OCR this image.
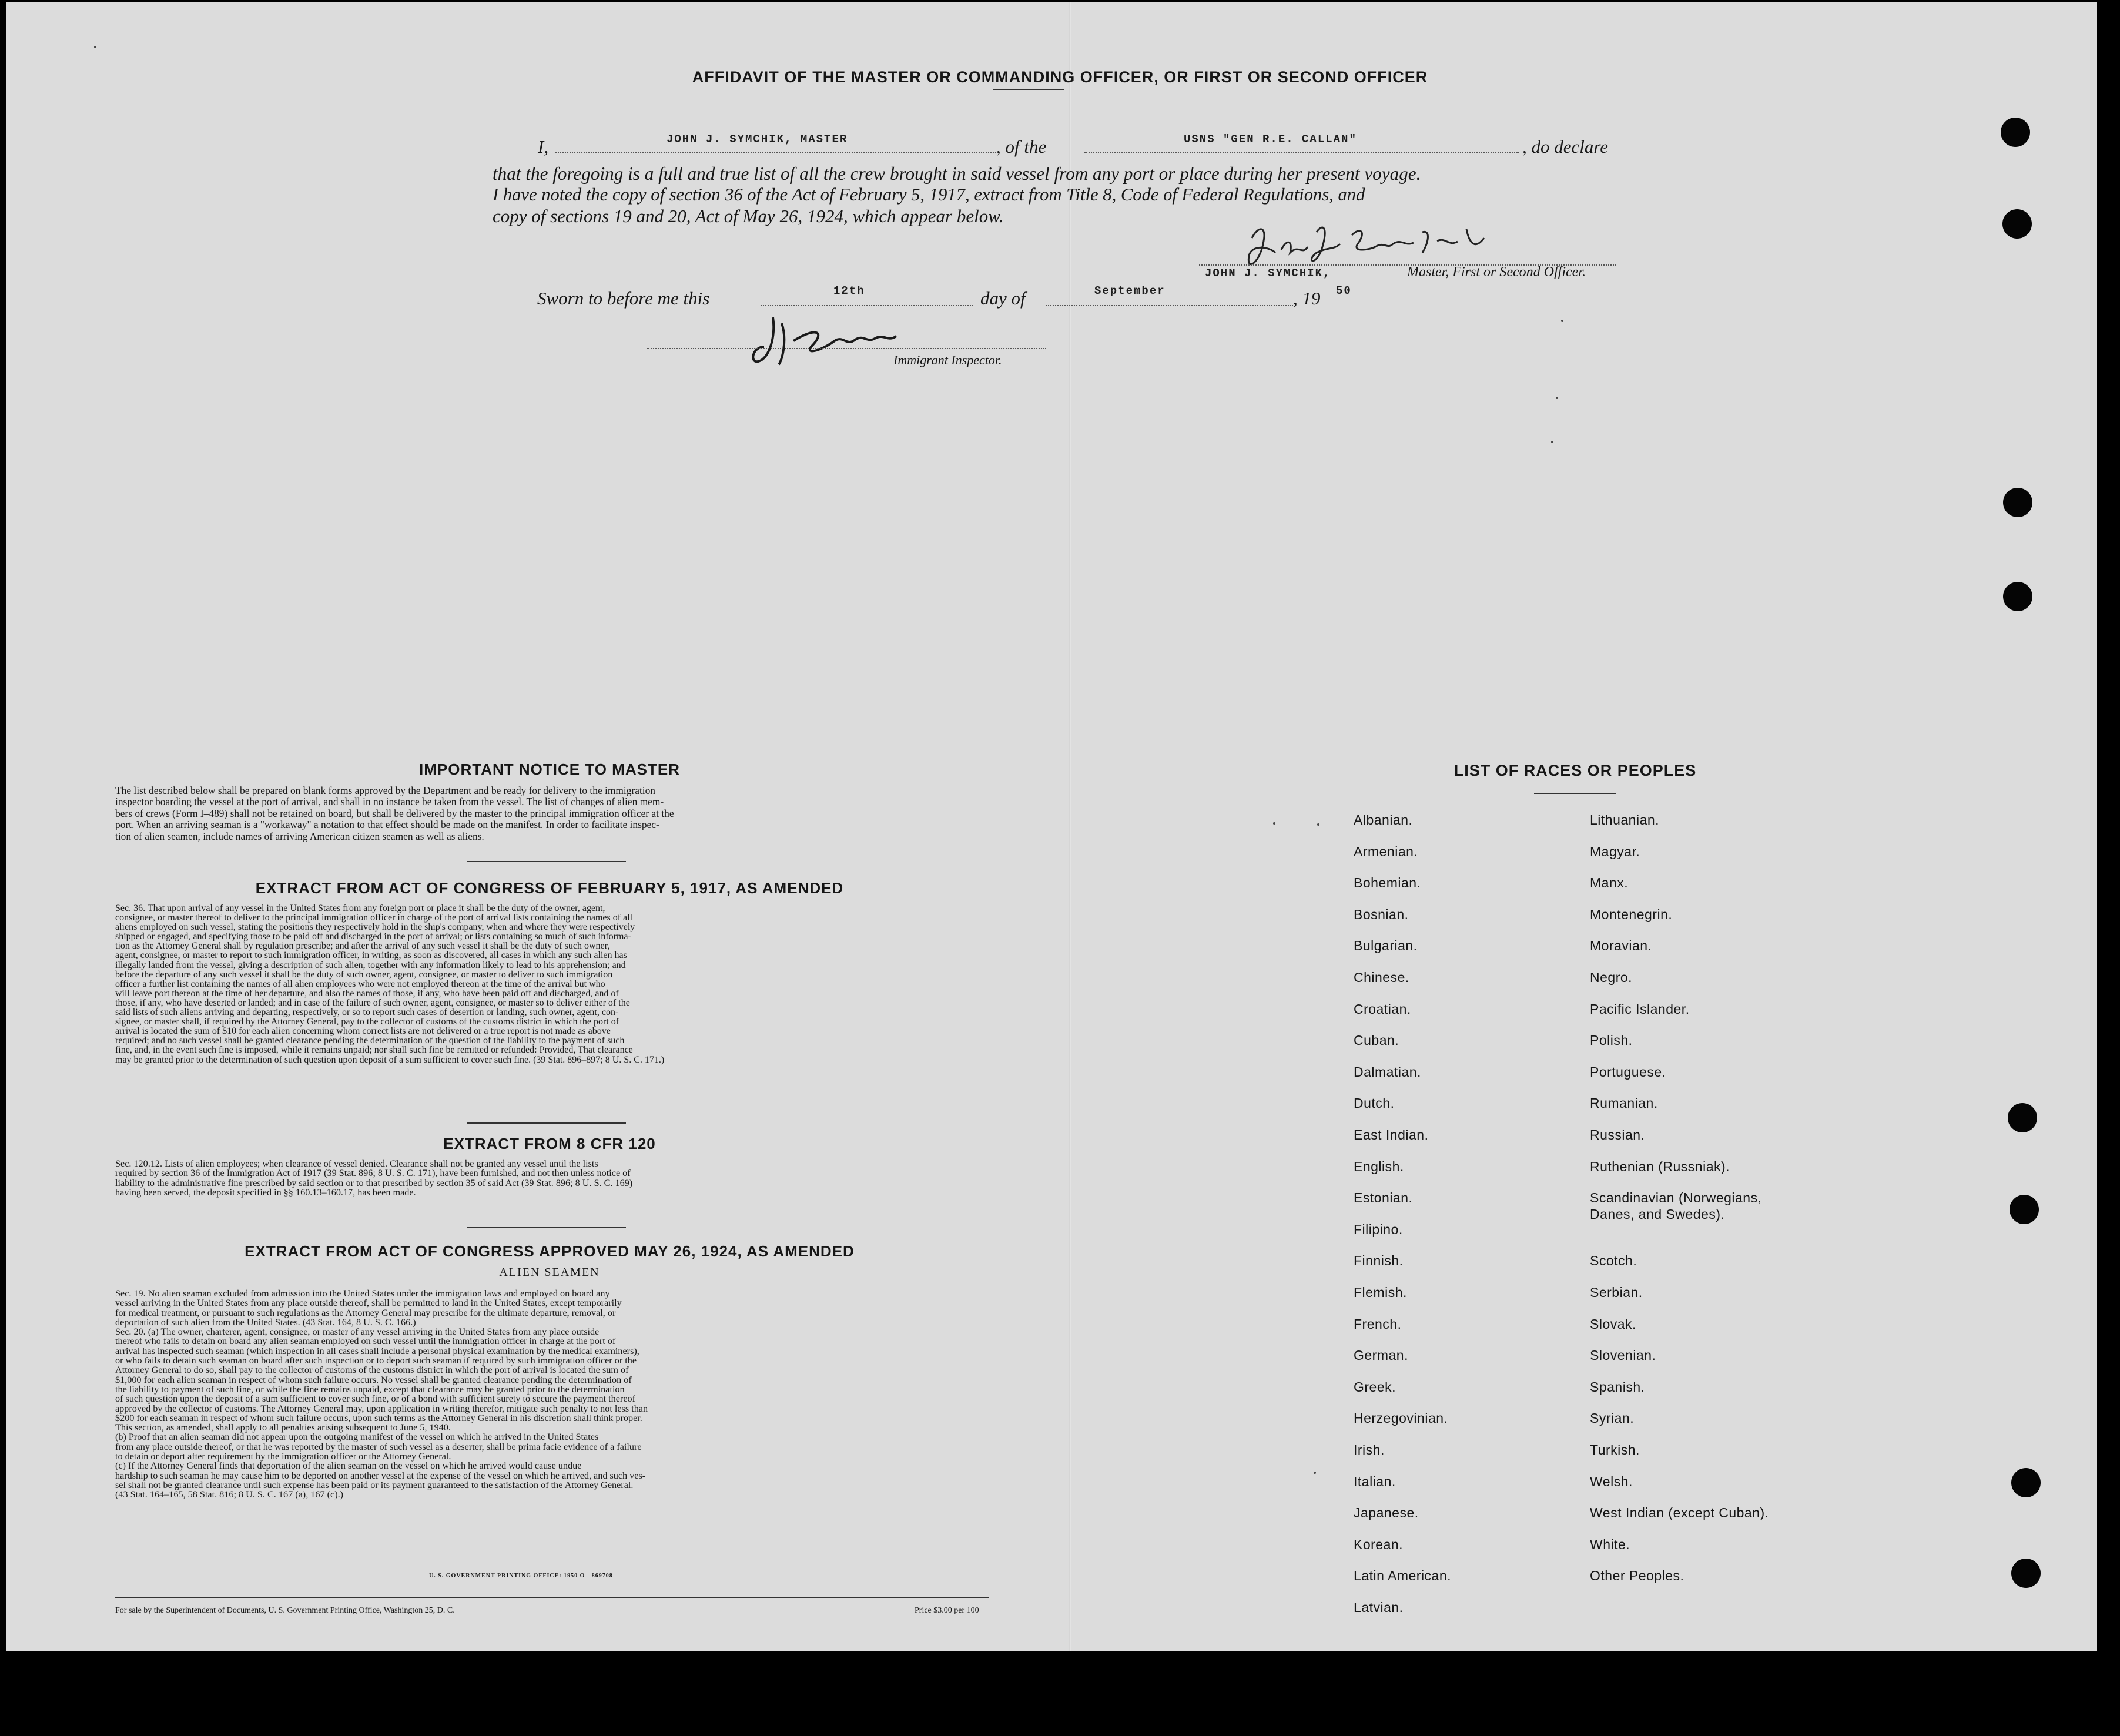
AFFIDAVIT OF THE MASTER OR COMMANDING OFFICER, OR FIRST OR SECOND OFFICER
I,	JOHN J. SYMCHIK, MASTER	, of the	USNS "GEN R.E. CALLAN"	, do declare
that the foregoing is a full and true list of all the crew brought in said vessel from any port or place during her present voyage.
I have noted the copy of section 36 of the Act of February 5, 1917, extract from Title 8, Code of Federal Regulations, and
copy of sections 19 and 20, Act of May 26, 1924, which appear below.
JOHN J. SYMCHIK,	Master, First or Second Officer.
Sworn to before me this	12th	day of	September	, 19 50
Immigrant Inspector.
IMPORTANT NOTICE TO MASTER
The list described below shall be prepared on blank forms approved by the Department and be ready for delivery to the immigration
inspector boarding the vessel at the port of arrival, and shall in no instance be taken from the vessel. The list of changes of alien mem-
bers of crews (Form I–489) shall not be retained on board, but shall be delivered by the master to the principal immigration officer at the
port. When an arriving seaman is a "workaway" a notation to that effect should be made on the manifest. In order to facilitate inspec-
tion of alien seamen, include names of arriving American citizen seamen as well as aliens.
EXTRACT FROM ACT OF CONGRESS OF FEBRUARY 5, 1917, AS AMENDED
Sec. 36. That upon arrival of any vessel in the United States from any foreign port or place it shall be the duty of the owner, agent,
consignee, or master thereof to deliver to the principal immigration officer in charge of the port of arrival lists containing the names of all
aliens employed on such vessel, stating the positions they respectively hold in the ship's company, when and where they were respectively
shipped or engaged, and specifying those to be paid off and discharged in the port of arrival; or lists containing so much of such informa-
tion as the Attorney General shall by regulation prescribe; and after the arrival of any such vessel it shall be the duty of such owner,
agent, consignee, or master to report to such immigration officer, in writing, as soon as discovered, all cases in which any such alien has
illegally landed from the vessel, giving a description of such alien, together with any information likely to lead to his apprehension; and
before the departure of any such vessel it shall be the duty of such owner, agent, consignee, or master to deliver to such immigration
officer a further list containing the names of all alien employees who were not employed thereon at the time of the arrival but who
will leave port thereon at the time of her departure, and also the names of those, if any, who have been paid off and discharged, and of
those, if any, who have deserted or landed; and in case of the failure of such owner, agent, consignee, or master so to deliver either of the
said lists of such aliens arriving and departing, respectively, or so to report such cases of desertion or landing, such owner, agent, con-
signee, or master shall, if required by the Attorney General, pay to the collector of customs of the customs district in which the port of
arrival is located the sum of $10 for each alien concerning whom correct lists are not delivered or a true report is not made as above
required; and no such vessel shall be granted clearance pending the determination of the question of the liability to the payment of such
fine, and, in the event such fine is imposed, while it remains unpaid; nor shall such fine be remitted or refunded: Provided, That clearance
may be granted prior to the determination of such question upon deposit of a sum sufficient to cover such fine. (39 Stat. 896–897; 8 U. S. C. 171.)
EXTRACT FROM 8 CFR 120
Sec. 120.12. Lists of alien employees; when clearance of vessel denied. Clearance shall not be granted any vessel until the lists
required by section 36 of the Immigration Act of 1917 (39 Stat. 896; 8 U. S. C. 171), have been furnished, and not then unless notice of
liability to the administrative fine prescribed by said section or to that prescribed by section 35 of said Act (39 Stat. 896; 8 U. S. C. 169)
having been served, the deposit specified in §§ 160.13–160.17, has been made.
EXTRACT FROM ACT OF CONGRESS APPROVED MAY 26, 1924, AS AMENDED
ALIEN SEAMEN
Sec. 19. No alien seaman excluded from admission into the United States under the immigration laws and employed on board any
vessel arriving in the United States from any place outside thereof, shall be permitted to land in the United States, except temporarily
for medical treatment, or pursuant to such regulations as the Attorney General may prescribe for the ultimate departure, removal, or
deportation of such alien from the United States. (43 Stat. 164, 8 U. S. C. 166.)
Sec. 20. (a) The owner, charterer, agent, consignee, or master of any vessel arriving in the United States from any place outside
thereof who fails to detain on board any alien seaman employed on such vessel until the immigration officer in charge at the port of
arrival has inspected such seaman (which inspection in all cases shall include a personal physical examination by the medical examiners),
or who fails to detain such seaman on board after such inspection or to deport such seaman if required by such immigration officer or the
Attorney General to do so, shall pay to the collector of customs of the customs district in which the port of arrival is located the sum of
$1,000 for each alien seaman in respect of whom such failure occurs. No vessel shall be granted clearance pending the determination of
the liability to payment of such fine, or while the fine remains unpaid, except that clearance may be granted prior to the determination
of such question upon the deposit of a sum sufficient to cover such fine, or of a bond with sufficient surety to secure the payment thereof
approved by the collector of customs. The Attorney General may, upon application in writing therefor, mitigate such penalty to not less than
$200 for each seaman in respect of whom such failure occurs, upon such terms as the Attorney General in his discretion shall think proper.
This section, as amended, shall apply to all penalties arising subsequent to June 5, 1940.
(b) Proof that an alien seaman did not appear upon the outgoing manifest of the vessel on which he arrived in the United States
from any place outside thereof, or that he was reported by the master of such vessel as a deserter, shall be prima facie evidence of a failure
to detain or deport after requirement by the immigration officer or the Attorney General.
(c) If the Attorney General finds that deportation of the alien seaman on the vessel on which he arrived would cause undue
hardship to such seaman he may cause him to be deported on another vessel at the expense of the vessel on which he arrived, and such ves-
sel shall not be granted clearance until such expense has been paid or its payment guaranteed to the satisfaction of the Attorney General.
(43 Stat. 164–165, 58 Stat. 816; 8 U. S. C. 167 (a), 167 (c).)
U. S. GOVERNMENT PRINTING OFFICE: 1950 O - 869708
For sale by the Superintendent of Documents, U. S. Government Printing Office, Washington 25, D. C.	Price $3.00 per 100
LIST OF RACES OR PEOPLES
Albanian.
Armenian.
Bohemian.
Bosnian.
Bulgarian.
Chinese.
Croatian.
Cuban.
Dalmatian.
Dutch.
East Indian.
English.
Estonian.
Filipino.
Finnish.
Flemish.
French.
German.
Greek.
Herzegovinian.
Irish.
Italian.
Japanese.
Korean.
Latin American.
Latvian.
Lithuanian.
Magyar.
Manx.
Montenegrin.
Moravian.
Negro.
Pacific Islander.
Polish.
Portuguese.
Rumanian.
Russian.
Ruthenian (Russniak).
Scandinavian (Norwegians,
Danes, and Swedes).
Scotch.
Serbian.
Slovak.
Slovenian.
Spanish.
Syrian.
Turkish.
Welsh.
West Indian (except Cuban).
White.
Other Peoples.
